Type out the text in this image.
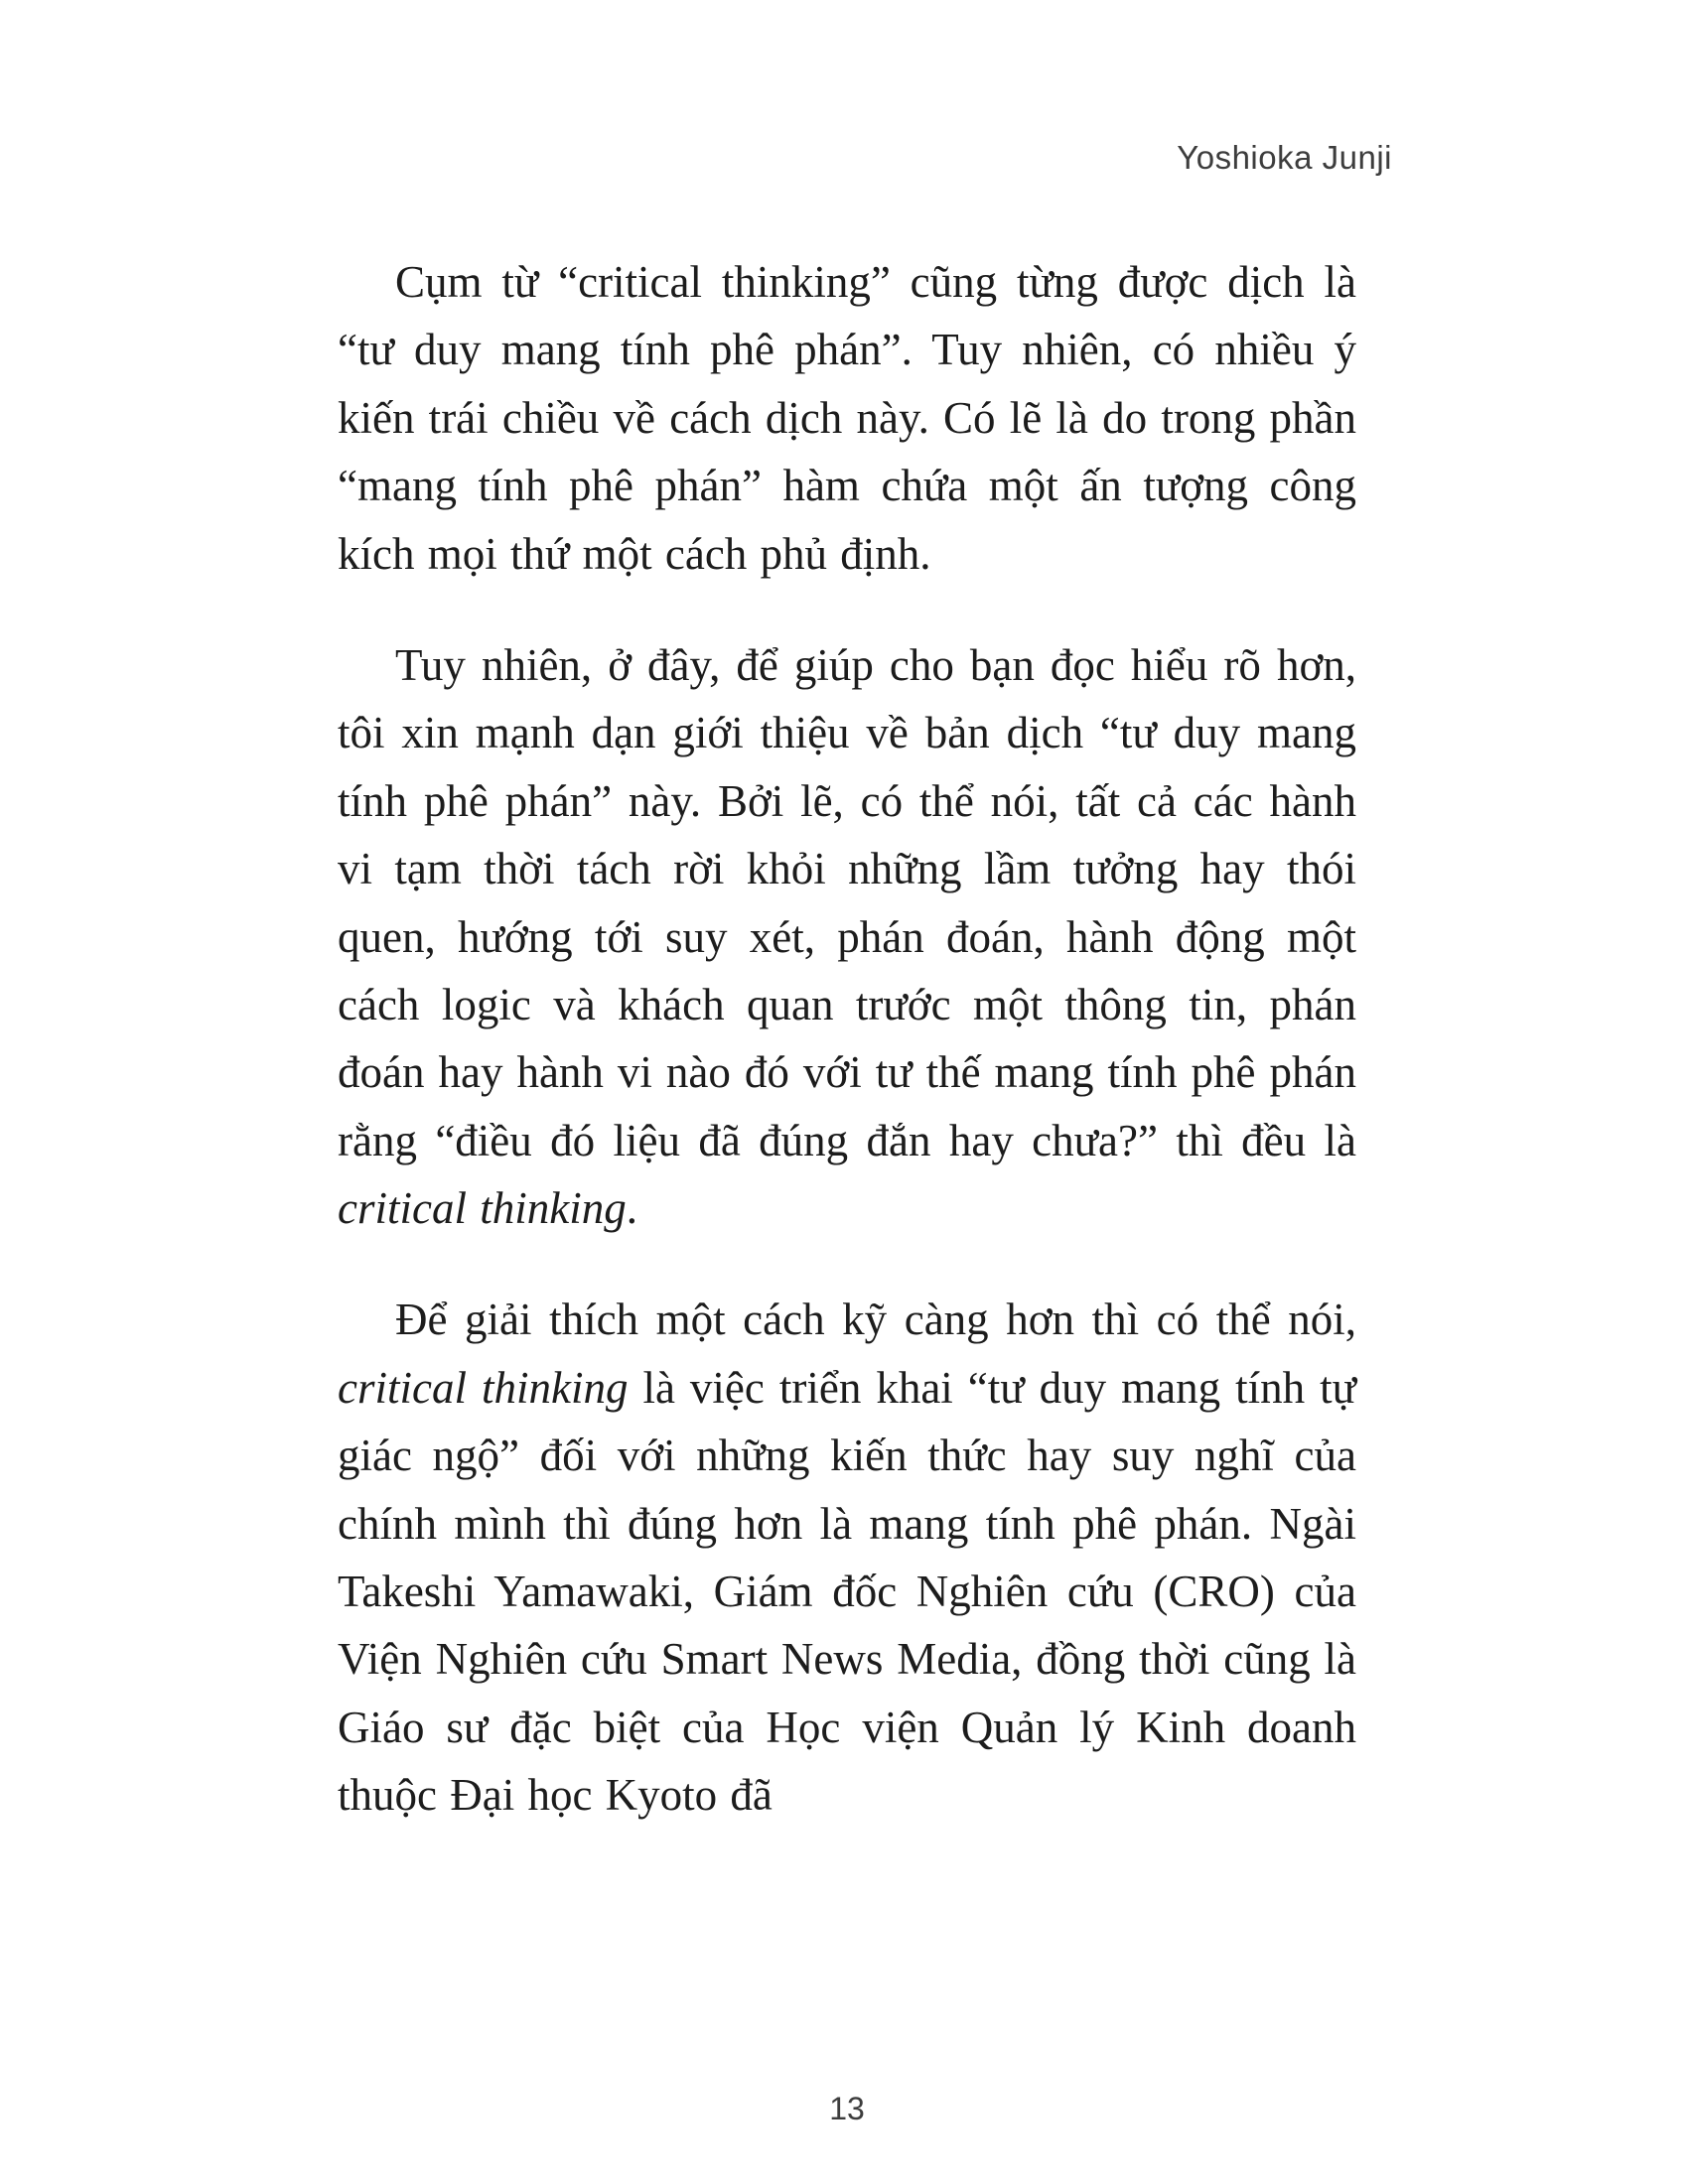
Yoshioka Junji

Cụm từ “critical thinking” cũng từng được dịch là “tư duy mang tính phê phán”. Tuy nhiên, có nhiều ý kiến trái chiều về cách dịch này. Có lẽ là do trong phần “mang tính phê phán” hàm chứa một ấn tượng công kích mọi thứ một cách phủ định.

Tuy nhiên, ở đây, để giúp cho bạn đọc hiểu rõ hơn, tôi xin mạnh dạn giới thiệu về bản dịch “tư duy mang tính phê phán” này. Bởi lẽ, có thể nói, tất cả các hành vi tạm thời tách rời khỏi những lầm tưởng hay thói quen, hướng tới suy xét, phán đoán, hành động một cách logic và khách quan trước một thông tin, phán đoán hay hành vi nào đó với tư thế mang tính phê phán rằng “điều đó liệu đã đúng đắn hay chưa?” thì đều là critical thinking.

Để giải thích một cách kỹ càng hơn thì có thể nói, critical thinking là việc triển khai “tư duy mang tính tự giác ngộ” đối với những kiến thức hay suy nghĩ của chính mình thì đúng hơn là mang tính phê phán. Ngài Takeshi Yamawaki, Giám đốc Nghiên cứu (CRO) của Viện Nghiên cứu Smart News Media, đồng thời cũng là Giáo sư đặc biệt của Học viện Quản lý Kinh doanh thuộc Đại học Kyoto đã

13
